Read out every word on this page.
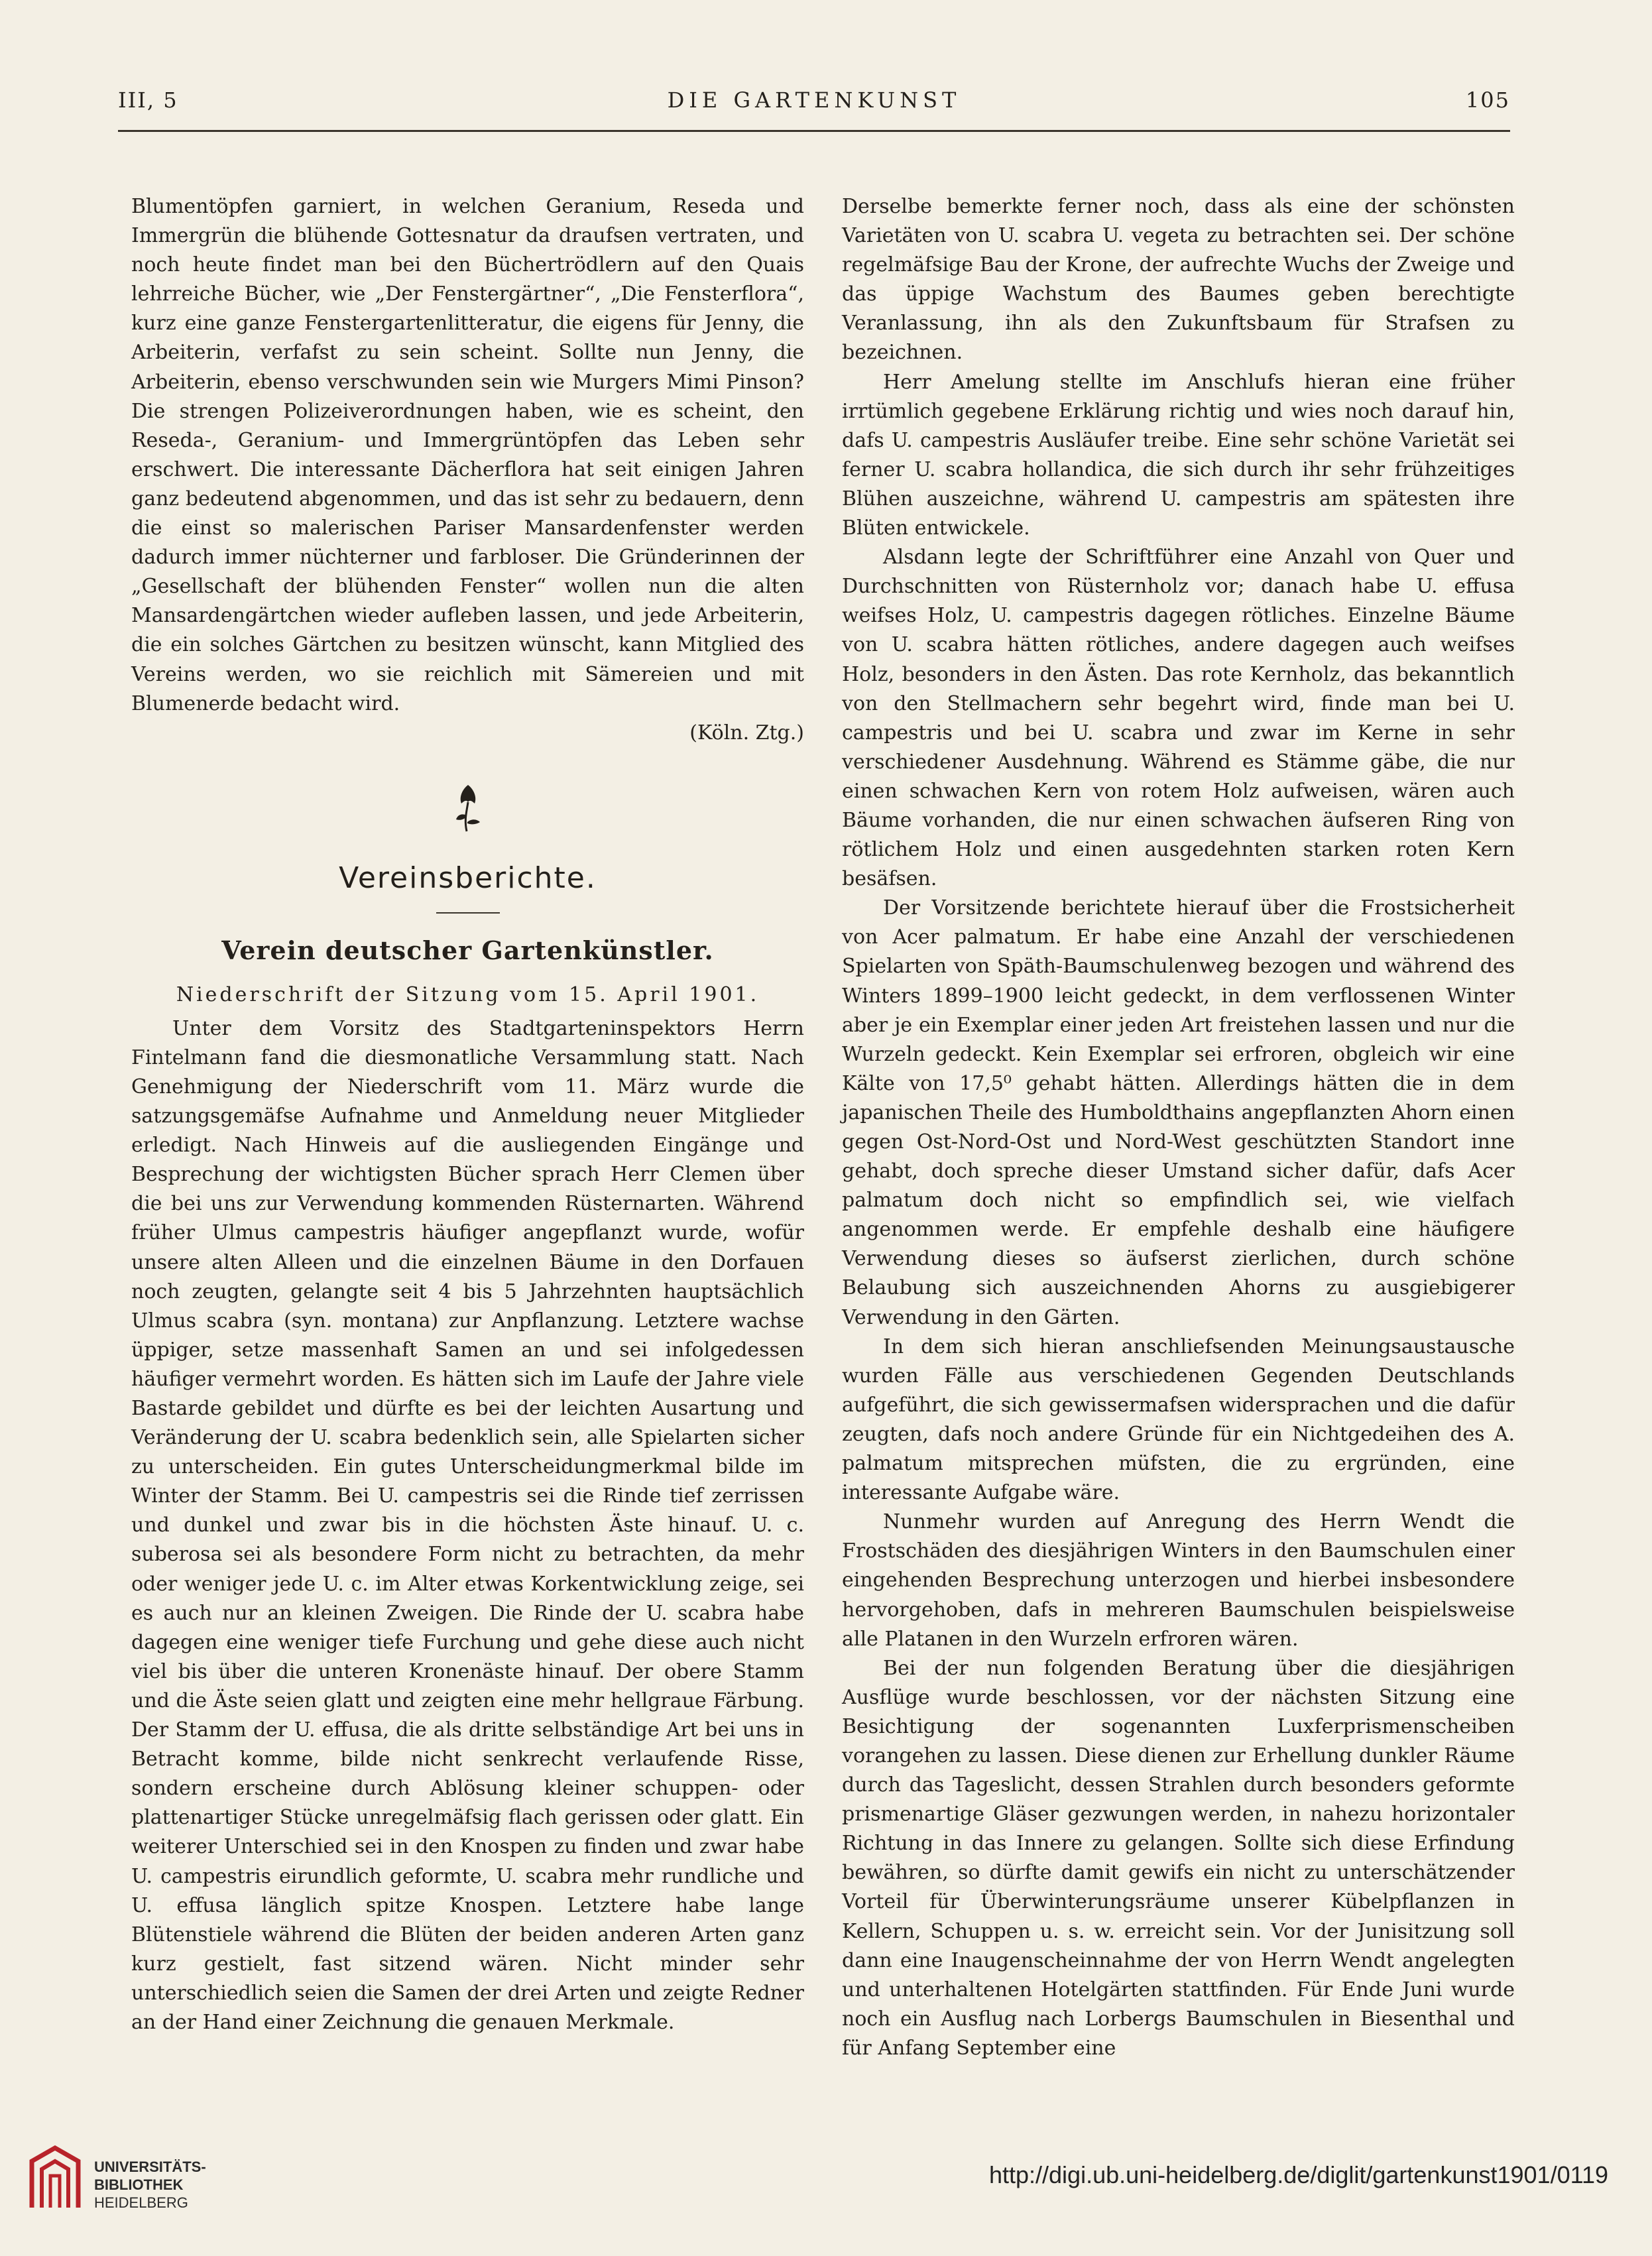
III, 5	DIE GARTENKUNST	105

Blumentöpfen garniert, in welchen Geranium, Reseda und Immergrün die blühende Gottesnatur da draufsen vertraten, und noch heute findet man bei den Büchertrödlern auf den Quais lehrreiche Bücher, wie „Der Fenstergärtner“, „Die Fensterflora“, kurz eine ganze Fenstergartenlitteratur, die eigens für Jenny, die Arbeiterin, verfafst zu sein scheint. Sollte nun Jenny, die Arbeiterin, ebenso verschwunden sein wie Murgers Mimi Pinson? Die strengen Polizeiverordnungen haben, wie es scheint, den Reseda-, Geranium- und Immergrüntöpfen das Leben sehr erschwert. Die interessante Dächerflora hat seit einigen Jahren ganz bedeutend abgenommen, und das ist sehr zu bedauern, denn die einst so malerischen Pariser Mansardenfenster werden dadurch immer nüchterner und farbloser. Die Gründerinnen der „Gesellschaft der blühenden Fenster“ wollen nun die alten Mansardengärtchen wieder aufleben lassen, und jede Arbeiterin, die ein solches Gärtchen zu besitzen wünscht, kann Mitglied des Vereins werden, wo sie reichlich mit Sämereien und mit Blumenerde bedacht wird.

(Köln. Ztg.)

Vereinsberichte.
Verein deutscher Gartenkünstler.
Niederschrift der Sitzung vom 15. April 1901.

Unter dem Vorsitz des Stadtgarteninspektors Herrn Fintelmann fand die diesmonatliche Versammlung statt. Nach Genehmigung der Niederschrift vom 11. März wurde die satzungsgemäfse Aufnahme und Anmeldung neuer Mitglieder erledigt. Nach Hinweis auf die ausliegenden Eingänge und Besprechung der wichtigsten Bücher sprach Herr Clemen über die bei uns zur Verwendung kommenden Rüsternarten. Während früher Ulmus campestris häufiger angepflanzt wurde, wofür unsere alten Alleen und die einzelnen Bäume in den Dorfauen noch zeugten, gelangte seit 4 bis 5 Jahrzehnten hauptsächlich Ulmus scabra (syn. montana) zur Anpflanzung. Letztere wachse üppiger, setze massenhaft Samen an und sei infolgedessen häufiger vermehrt worden. Es hätten sich im Laufe der Jahre viele Bastarde gebildet und dürfte es bei der leichten Ausartung und Veränderung der U. scabra bedenklich sein, alle Spielarten sicher zu unterscheiden. Ein gutes Unterscheidungmerkmal bilde im Winter der Stamm. Bei U. campestris sei die Rinde tief zerrissen und dunkel und zwar bis in die höchsten Äste hinauf. U. c. suberosa sei als besondere Form nicht zu betrachten, da mehr oder weniger jede U. c. im Alter etwas Korkentwicklung zeige, sei es auch nur an kleinen Zweigen. Die Rinde der U. scabra habe dagegen eine weniger tiefe Furchung und gehe diese auch nicht viel bis über die unteren Kronenäste hinauf. Der obere Stamm und die Äste seien glatt und zeigten eine mehr hellgraue Färbung. Der Stamm der U. effusa, die als dritte selbständige Art bei uns in Betracht komme, bilde nicht senkrecht verlaufende Risse, sondern erscheine durch Ablösung kleiner schuppen- oder plattenartiger Stücke unregelmäfsig flach gerissen oder glatt. Ein weiterer Unterschied sei in den Knospen zu finden und zwar habe U. campestris eirundlich geformte, U. scabra mehr rundliche und U. effusa länglich spitze Knospen. Letztere habe lange Blütenstiele während die Blüten der beiden anderen Arten ganz kurz gestielt, fast sitzend wären. Nicht minder sehr unterschiedlich seien die Samen der drei Arten und zeigte Redner an der Hand einer Zeichnung die genauen Merkmale.

Derselbe bemerkte ferner noch, dass als eine der schönsten Varietäten von U. scabra U. vegeta zu betrachten sei. Der schöne regelmäfsige Bau der Krone, der aufrechte Wuchs der Zweige und das üppige Wachstum des Baumes geben berechtigte Veranlassung, ihn als den Zukunftsbaum für Strafsen zu bezeichnen.

Herr Amelung stellte im Anschlufs hieran eine früher irrtümlich gegebene Erklärung richtig und wies noch darauf hin, dafs U. campestris Ausläufer treibe. Eine sehr schöne Varietät sei ferner U. scabra hollandica, die sich durch ihr sehr frühzeitiges Blühen auszeichne, während U. campestris am spätesten ihre Blüten entwickele.

Alsdann legte der Schriftführer eine Anzahl von Quer und Durchschnitten von Rüsternholz vor; danach habe U. effusa weifses Holz, U. campestris dagegen rötliches. Einzelne Bäume von U. scabra hätten rötliches, andere dagegen auch weifses Holz, besonders in den Ästen. Das rote Kernholz, das bekanntlich von den Stellmachern sehr begehrt wird, finde man bei U. campestris und bei U. scabra und zwar im Kerne in sehr verschiedener Ausdehnung. Während es Stämme gäbe, die nur einen schwachen Kern von rotem Holz aufweisen, wären auch Bäume vorhanden, die nur einen schwachen äufseren Ring von rötlichem Holz und einen ausgedehnten starken roten Kern besäfsen.

Der Vorsitzende berichtete hierauf über die Frostsicherheit von Acer palmatum. Er habe eine Anzahl der verschiedenen Spielarten von Späth-Baumschulenweg bezogen und während des Winters 1899–1900 leicht gedeckt, in dem verflossenen Winter aber je ein Exemplar einer jeden Art freistehen lassen und nur die Wurzeln gedeckt. Kein Exemplar sei erfroren, obgleich wir eine Kälte von 17,5⁰ gehabt hätten. Allerdings hätten die in dem japanischen Theile des Humboldthains angepflanzten Ahorn einen gegen Ost-Nord-Ost und Nord-West geschützten Standort inne gehabt, doch spreche dieser Umstand sicher dafür, dafs Acer palmatum doch nicht so empfindlich sei, wie vielfach angenommen werde. Er empfehle deshalb eine häufigere Verwendung dieses so äufserst zierlichen, durch schöne Belaubung sich auszeichnenden Ahorns zu ausgiebigerer Verwendung in den Gärten.

In dem sich hieran anschliefsenden Meinungsaustausche wurden Fälle aus verschiedenen Gegenden Deutschlands aufgeführt, die sich gewissermafsen widersprachen und die dafür zeugten, dafs noch andere Gründe für ein Nichtgedeihen des A. palmatum mitsprechen müfsten, die zu ergründen, eine interessante Aufgabe wäre.

Nunmehr wurden auf Anregung des Herrn Wendt die Frostschäden des diesjährigen Winters in den Baumschulen einer eingehenden Besprechung unterzogen und hierbei insbesondere hervorgehoben, dafs in mehreren Baumschulen beispielsweise alle Platanen in den Wurzeln erfroren wären.

Bei der nun folgenden Beratung über die diesjährigen Ausflüge wurde beschlossen, vor der nächsten Sitzung eine Besichtigung der sogenannten Luxferprismenscheiben vorangehen zu lassen. Diese dienen zur Erhellung dunkler Räume durch das Tageslicht, dessen Strahlen durch besonders geformte prismenartige Gläser gezwungen werden, in nahezu horizontaler Richtung in das Innere zu gelangen. Sollte sich diese Erfindung bewähren, so dürfte damit gewifs ein nicht zu unterschätzender Vorteil für Überwinterungsräume unserer Kübelpflanzen in Kellern, Schuppen u. s. w. erreicht sein. Vor der Junisitzung soll dann eine Inaugenscheinnahme der von Herrn Wendt angelegten und unterhaltenen Hotelgärten stattfinden. Für Ende Juni wurde noch ein Ausflug nach Lorbergs Baumschulen in Biesenthal und für Anfang September eine

UNIVERSITÄTS-
BIBLIOTHEK
HEIDELBERG
http://digi.ub.uni-heidelberg.de/diglit/gartenkunst1901/0119
